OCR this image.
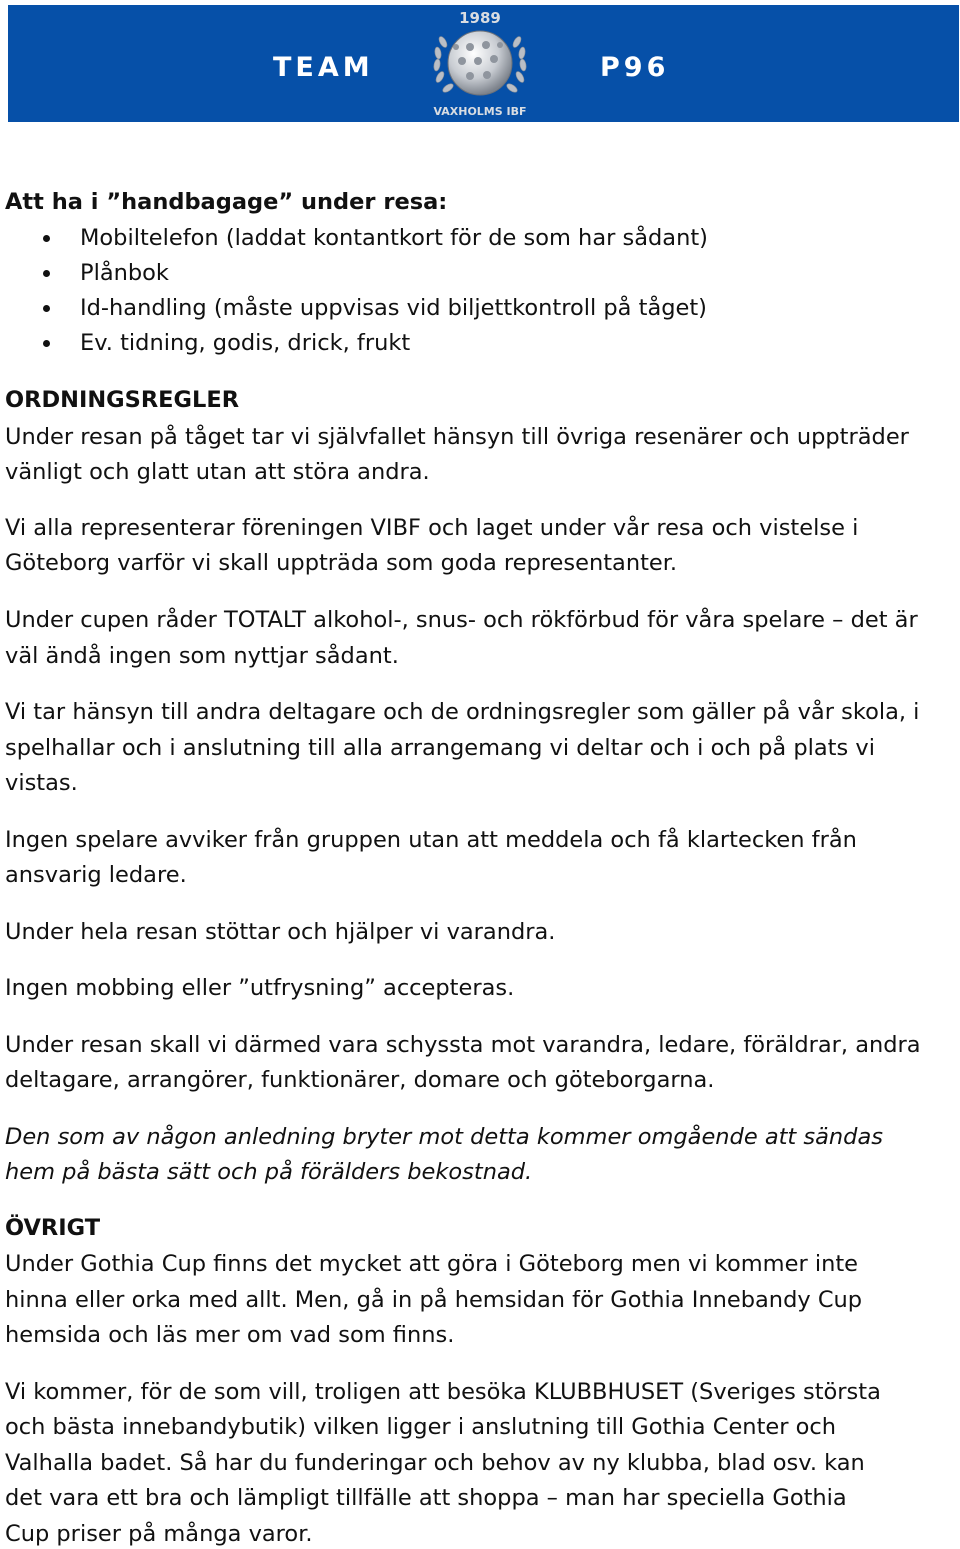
TEAM	P96
1989
VAXHOLMS IBF
Att ha i ”handbagage” under resa:
Mobiltelefon (laddat kontantkort för de som har sådant)
Plånbok
Id-handling (måste uppvisas vid biljettkontroll på tåget)
Ev. tidning, godis, drick, frukt
ORDNINGSREGLER
Under resan på tåget tar vi självfallet hänsyn till övriga resenärer och uppträder
vänligt och glatt utan att störa andra.
Vi alla representerar föreningen VIBF och laget under vår resa och vistelse i
Göteborg varför vi skall uppträda som goda representanter.
Under cupen råder TOTALT alkohol-, snus- och rökförbud för våra spelare – det är
väl ändå ingen som nyttjar sådant.
Vi tar hänsyn till andra deltagare och de ordningsregler som gäller på vår skola, i
spelhallar och i anslutning till alla arrangemang vi deltar och i och på plats vi
vistas.
Ingen spelare avviker från gruppen utan att meddela och få klartecken från
ansvarig ledare.
Under hela resan stöttar och hjälper vi varandra.
Ingen mobbing eller ”utfrysning” accepteras.
Under resan skall vi därmed vara schyssta mot varandra, ledare, föräldrar, andra
deltagare, arrangörer, funktionärer, domare och göteborgarna.
Den som av någon anledning bryter mot detta kommer omgående att sändas
hem på bästa sätt och på förälders bekostnad.
ÖVRIGT
Under Gothia Cup finns det mycket att göra i Göteborg men vi kommer inte
hinna eller orka med allt. Men, gå in på hemsidan för Gothia Innebandy Cup
hemsida och läs mer om vad som finns.
Vi kommer, för de som vill, troligen att besöka KLUBBHUSET (Sveriges största
och bästa innebandybutik) vilken ligger i anslutning till Gothia Center och
Valhalla badet. Så har du funderingar och behov av ny klubba, blad osv. kan
det vara ett bra och lämpligt tillfälle att shoppa – man har speciella Gothia
Cup priser på många varor.
